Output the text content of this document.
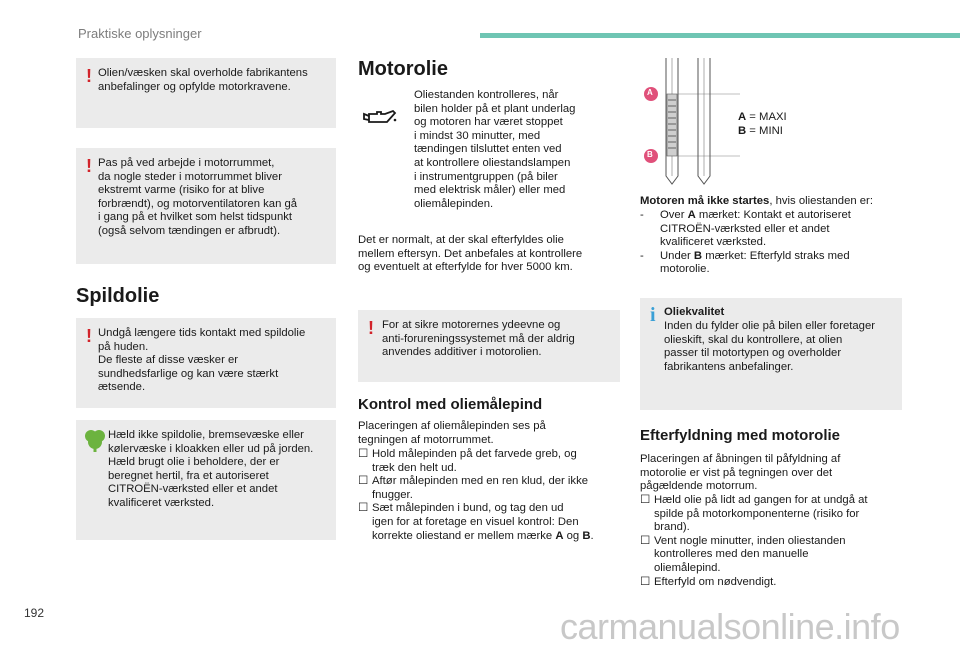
Praktiske oplysninger
! Olien/væsken skal overholde fabrikantens
anbefalinger og opfylde motorkravene.
! Pas på ved arbejde i motorrummet,
da nogle steder i motorrummet bliver
ekstremt varme (risiko for at blive
forbrændt), og motorventilatoren kan gå
i gang på et hvilket som helst tidspunkt
(også selvom tændingen er afbrudt).
Spildolie
! Undgå længere tids kontakt med spildolie
på huden.
De fleste af disse væsker er
sundhedsfarlige og kan være stærkt
ætsende.
Hæld ikke spildolie, bremsevæske eller
kølervæske i kloakken eller ud på jorden.
Hæld brugt olie i beholdere, der er
beregnet hertil, fra et autoriseret
CITROËN-værksted eller et andet
kvalificeret værksted.
Motorolie
Oliestanden kontrolleres, når
bilen holder på et plant underlag
og motoren har været stoppet
i mindst 30 minutter, med
tændingen tilsluttet enten ved
at kontrollere oliestandslampen
i instrumentgruppen (på biler
med elektrisk måler) eller med
oliemålepinden.
Det er normalt, at der skal efterfyldes olie
mellem eftersyn. Det anbefales at kontrollere
og eventuelt at efterfylde for hver 5000 km.
! For at sikre motorernes ydeevne og
anti-forureningssystemet må der aldrig
anvendes additiver i motorolien.
Kontrol med oliemålepind
Placeringen af oliemålepinden ses på
tegningen af motorrummet.
☐ Hold målepinden på det farvede greb, og
træk den helt ud.
☐ Aftør målepinden med en ren klud, der ikke
fnugger.
☐ Sæt målepinden i bund, og tag den ud
igen for at foretage en visuel kontrol: Den
korrekte oliestand er mellem mærke A og B.
A
B
A = MAXI
B = MINI
Motoren må ikke startes, hvis oliestanden er:
- Over A mærket: Kontakt et autoriseret
CITROËN-værksted eller et andet
kvalificeret værksted.
- Under B mærket: Efterfyld straks med
motorolie.
i Oliekvalitet
Inden du fylder olie på bilen eller foretager
olieskift, skal du kontrollere, at olien
passer til motortypen og overholder
fabrikantens anbefalinger.
Efterfyldning med motorolie
Placeringen af åbningen til påfyldning af
motorolie er vist på tegningen over det
pågældende motorrum.
☐ Hæld olie på lidt ad gangen for at undgå at
spilde på motorkomponenterne (risiko for
brand).
☐ Vent nogle minutter, inden oliestanden
kontrolleres med den manuelle
oliemålepind.
☐ Efterfyld om nødvendigt.
192	carmanualsonline.info
